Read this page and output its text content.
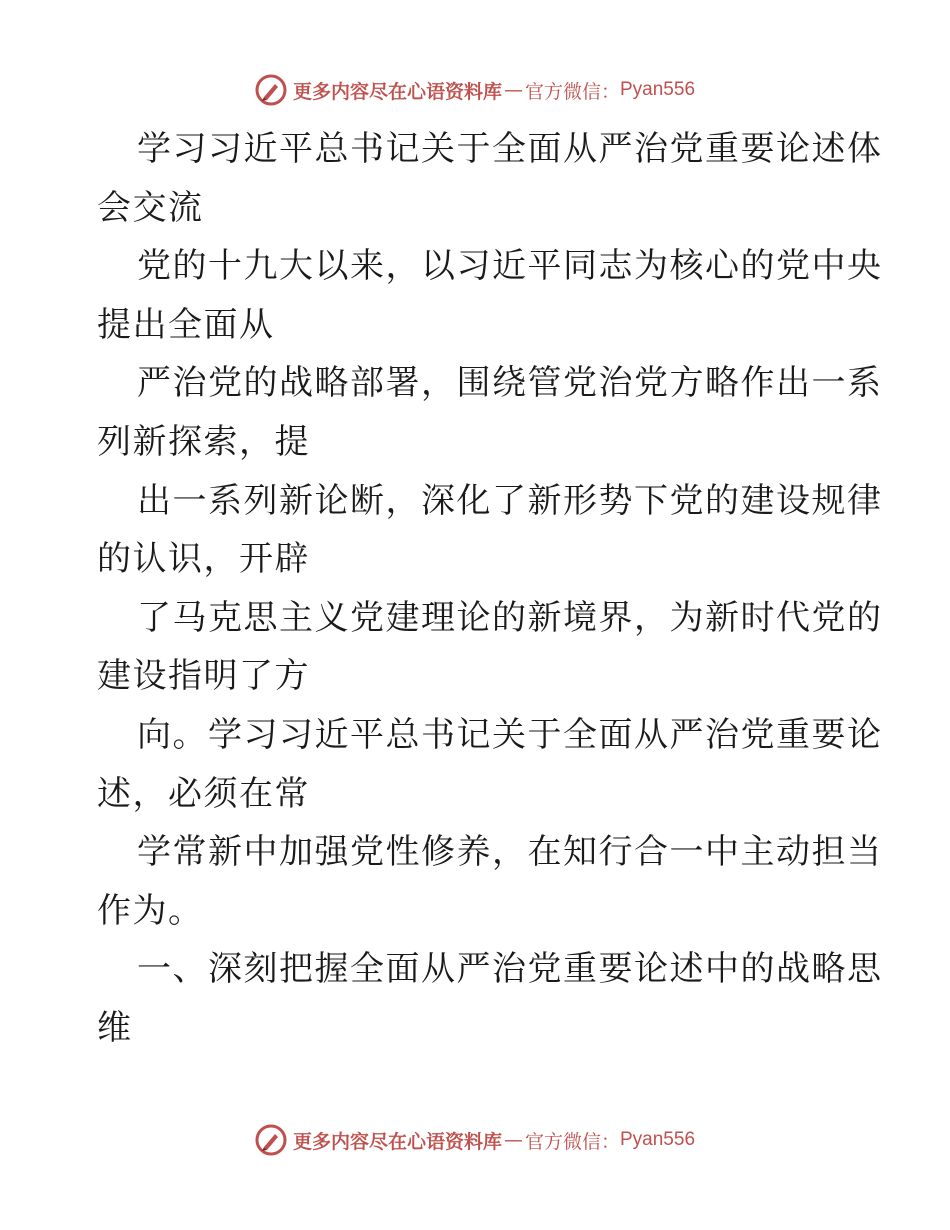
更多内容尽在心语资料库 — 官方微信： Pyan556
学习习近平总书记关于全面从严治党重要论述体
会交流
党的十九大以来，以习近平同志为核心的党中央
提出全面从
严治党的战略部署，围绕管党治党方略作出一系
列新探索，提
出一系列新论断，深化了新形势下党的建设规律
的认识，开辟
了马克思主义党建理论的新境界，为新时代党的
建设指明了方
向。学习习近平总书记关于全面从严治党重要论
述，必须在常
学常新中加强党性修养，在知行合一中主动担当
作为。
一、深刻把握全面从严治党重要论述中的战略思
维
更多内容尽在心语资料库 — 官方微信： Pyan556
